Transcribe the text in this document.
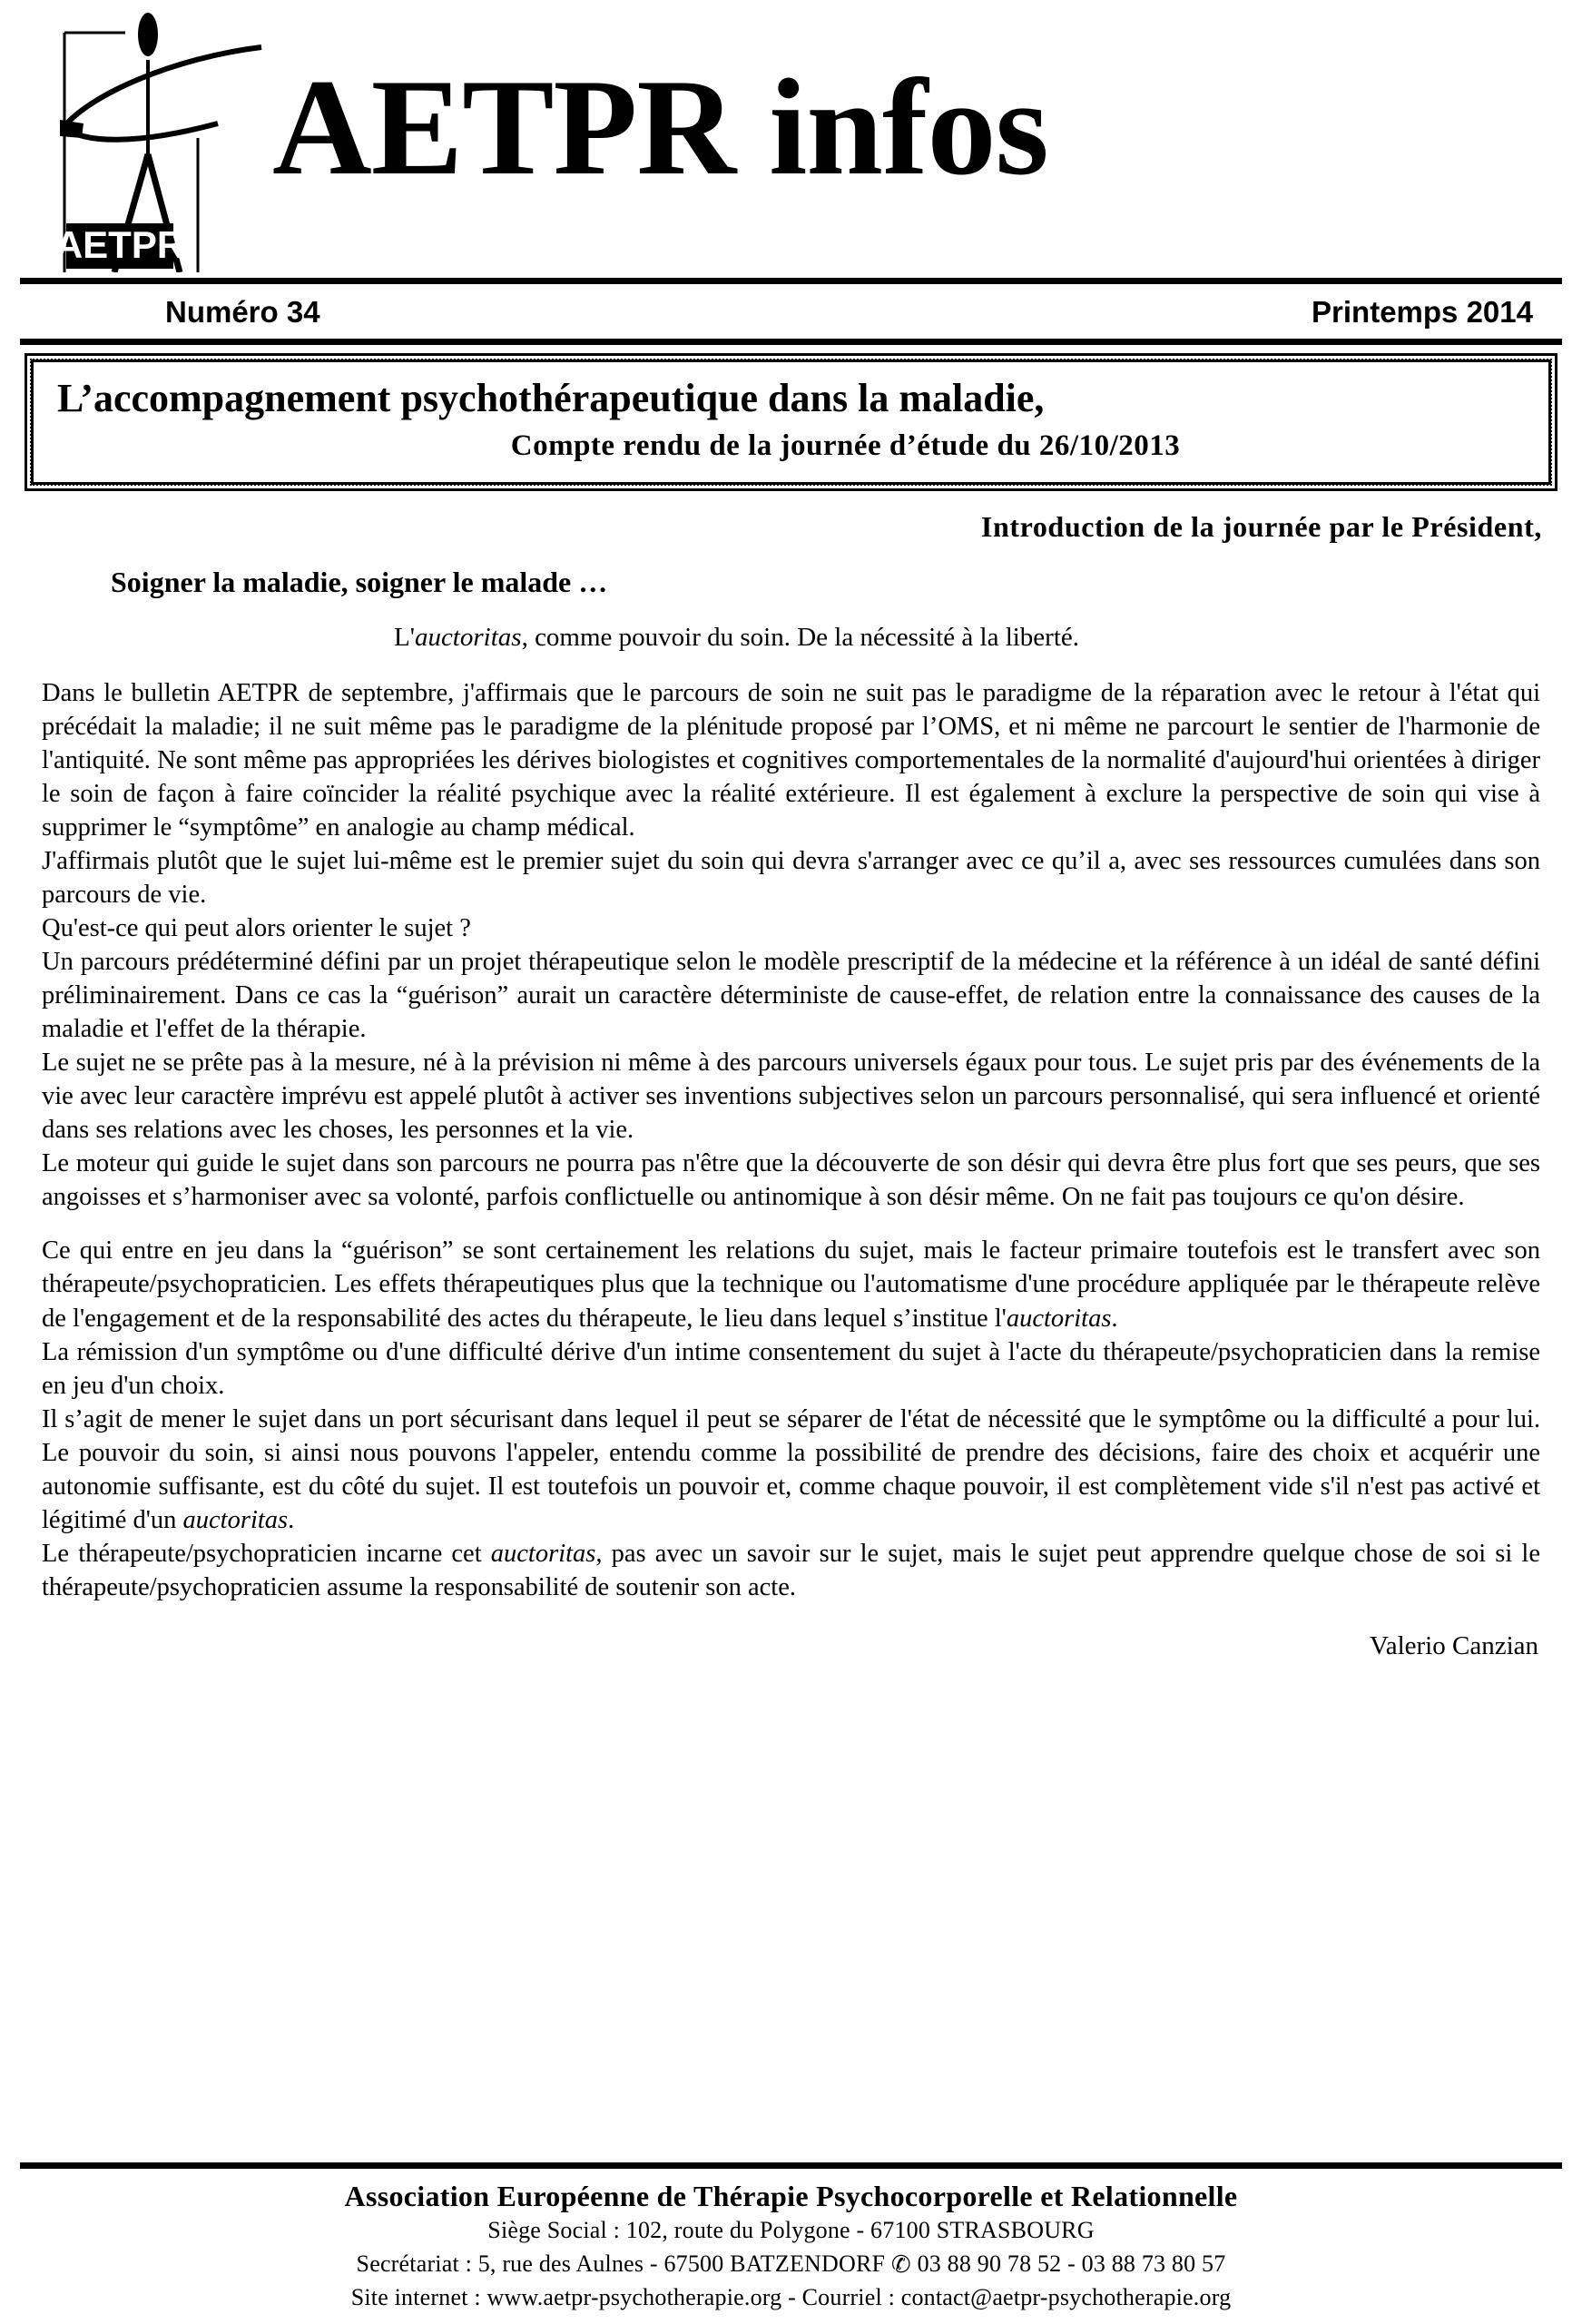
AETPR
AETPR infos
Numéro 34	Printemps 2014
L’accompagnement psychothérapeutique dans la maladie,
Compte rendu de la journée d’étude du 26/10/2013
Introduction de la journée par le Président,
Soigner la maladie, soigner le malade …
L'auctoritas, comme pouvoir du soin. De la nécessité à la liberté.

Dans le bulletin AETPR de septembre, j'affirmais que le parcours de soin ne suit pas le paradigme de la réparation avec le retour à l'état qui précédait la maladie; il ne suit même pas le paradigme de la plénitude proposé par l’OMS, et ni même ne parcourt le sentier de l'harmonie de l'antiquité. Ne sont même pas appropriées les dérives biologistes et cognitives comportementales de la normalité d'aujourd'hui orientées à diriger le soin de façon à faire coïncider la réalité psychique avec la réalité extérieure. Il est également à exclure la perspective de soin qui vise à supprimer le “symptôme” en analogie au champ médical.

J'affirmais plutôt que le sujet lui-même est le premier sujet du soin qui devra s'arranger avec ce qu’il a, avec ses ressources cumulées dans son parcours de vie.

Qu'est-ce qui peut alors orienter le sujet ?

Un parcours prédéterminé défini par un projet thérapeutique selon le modèle prescriptif de la médecine et la référence à un idéal de santé défini préliminairement. Dans ce cas la “guérison” aurait un caractère déterministe de cause-effet, de relation entre la connaissance des causes de la maladie et l'effet de la thérapie.

Le sujet ne se prête pas à la mesure, né à la prévision ni même à des parcours universels égaux pour tous. Le sujet pris par des événements de la vie avec leur caractère imprévu est appelé plutôt à activer ses inventions subjectives selon un parcours personnalisé, qui sera influencé et orienté dans ses relations avec les choses, les personnes et la vie.

Le moteur qui guide le sujet dans son parcours ne pourra pas n'être que la découverte de son désir qui devra être plus fort que ses peurs, que ses angoisses et s’harmoniser avec sa volonté, parfois conflictuelle ou antinomique à son désir même. On ne fait pas toujours ce qu'on désire.

Ce qui entre en jeu dans la “guérison” se sont certainement les relations du sujet, mais le facteur primaire toutefois est le transfert avec son thérapeute/psychopraticien. Les effets thérapeutiques plus que la technique ou l'automatisme d'une procédure appliquée par le thérapeute relève de l'engagement et de la responsabilité des actes du thérapeute, le lieu dans lequel s’institue l'auctoritas.

La rémission d'un symptôme ou d'une difficulté dérive d'un intime consentement du sujet à l'acte du thérapeute/psychopraticien dans la remise en jeu d'un choix.

Il s’agit de mener le sujet dans un port sécurisant dans lequel il peut se séparer de l'état de nécessité que le symptôme ou la difficulté a pour lui. Le pouvoir du soin, si ainsi nous pouvons l'appeler, entendu comme la possibilité de prendre des décisions, faire des choix et acquérir une autonomie suffisante, est du côté du sujet. Il est toutefois un pouvoir et, comme chaque pouvoir, il est complètement vide s'il n'est pas activé et légitimé d'un auctoritas.

Le thérapeute/psychopraticien incarne cet auctoritas, pas avec un savoir sur le sujet, mais le sujet peut apprendre quelque chose de soi si le thérapeute/psychopraticien assume la responsabilité de soutenir son acte.

Valerio Canzian
Association Européenne de Thérapie Psychocorporelle et Relationnelle
Siège Social : 102, route du Polygone - 67100 STRASBOURG
Secrétariat : 5, rue des Aulnes - 67500 BATZENDORF ✆ 03 88 90 78 52 - 03 88 73 80 57
Site internet : www.aetpr-psychotherapie.org - Courriel : contact@aetpr-psychotherapie.org
